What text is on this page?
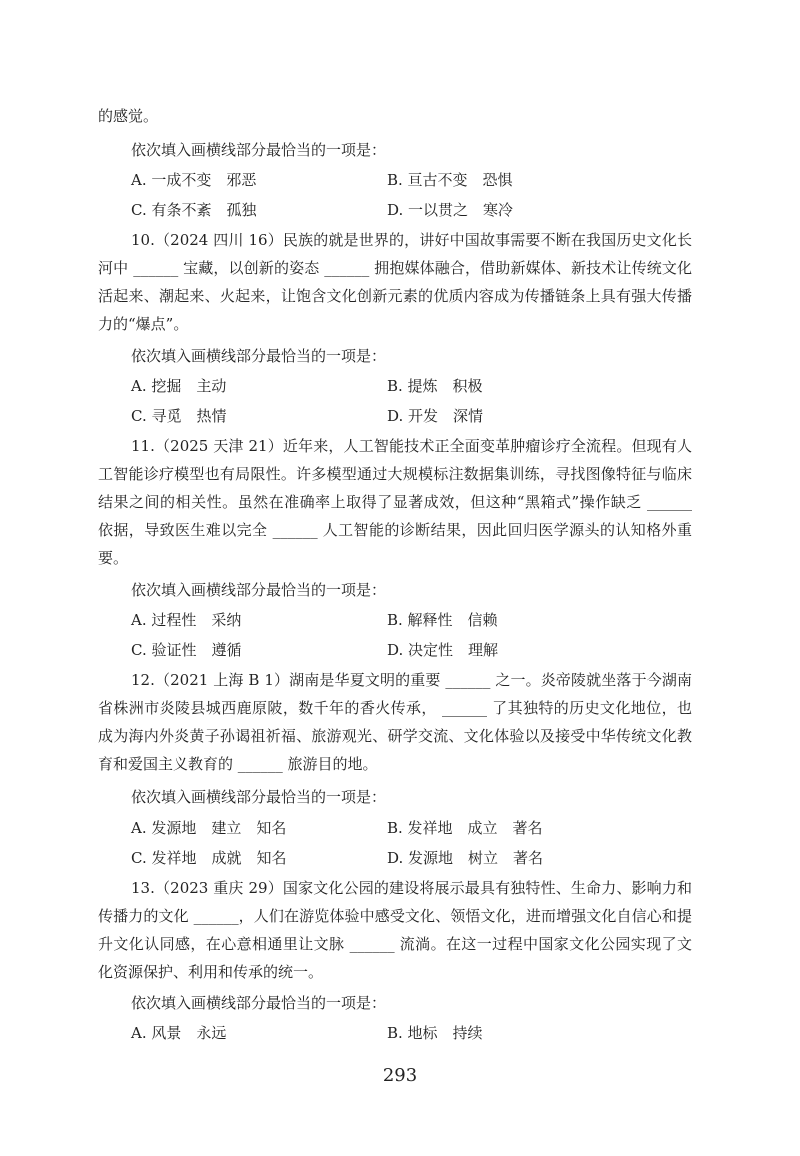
的感觉。
依次填入画横线部分最恰当的一项是：
A. 一成不变　邪恶	B. 亘古不变　恐惧
C. 有条不紊　孤独	D. 一以贯之　寒冷
10.（2024 四川 16）民族的就是世界的，讲好中国故事需要不断在我国历史文化长河中 ______ 宝藏，以创新的姿态 ______ 拥抱媒体融合，借助新媒体、新技术让传统文化活起来、潮起来、火起来，让饱含文化创新元素的优质内容成为传播链条上具有强大传播力的“爆点”。
依次填入画横线部分最恰当的一项是：
A. 挖掘　主动	B. 提炼　积极
C. 寻觅　热情	D. 开发　深情
11.（2025 天津 21）近年来，人工智能技术正全面变革肿瘤诊疗全流程。但现有人工智能诊疗模型也有局限性。许多模型通过大规模标注数据集训练，寻找图像特征与临床结果之间的相关性。虽然在准确率上取得了显著成效，但这种“黑箱式”操作缺乏 ______ 依据，导致医生难以完全 ______ 人工智能的诊断结果，因此回归医学源头的认知格外重要。
依次填入画横线部分最恰当的一项是：
A. 过程性　采纳	B. 解释性　信赖
C. 验证性　遵循	D. 决定性　理解
12.（2021 上海 B 1）湖南是华夏文明的重要 ______ 之一。炎帝陵就坐落于今湖南省株洲市炎陵县城西鹿原陂，数千年的香火传承， ______ 了其独特的历史文化地位，也成为海内外炎黄子孙谒祖祈福、旅游观光、研学交流、文化体验以及接受中华传统文化教育和爱国主义教育的 ______ 旅游目的地。
依次填入画横线部分最恰当的一项是：
A. 发源地　建立　知名	B. 发祥地　成立　著名
C. 发祥地　成就　知名	D. 发源地　树立　著名
13.（2023 重庆 29）国家文化公园的建设将展示最具有独特性、生命力、影响力和传播力的文化 ______，人们在游览体验中感受文化、领悟文化，进而增强文化自信心和提升文化认同感，在心意相通里让文脉 ______ 流淌。在这一过程中国家文化公园实现了文化资源保护、利用和传承的统一。
依次填入画横线部分最恰当的一项是：
A. 风景　永远	B. 地标　持续
293
